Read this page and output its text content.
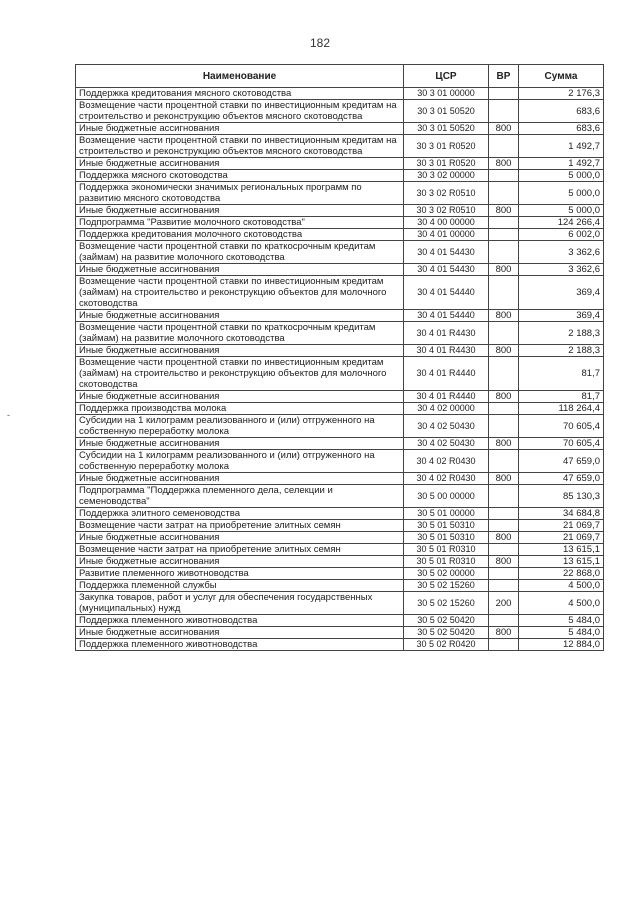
182
-
Наименование	ЦСР	ВР	Сумма
Поддержка кредитования мясного скотоводства	30 3 01 00000		2 176,3
Возмещение части процентной ставки по инвестиционным кредитам на строительство и реконструкцию объектов мясного скотоводства	30 3 01 50520		683,6
Иные бюджетные ассигнования	30 3 01 50520	800	683,6
Возмещение части процентной ставки по инвестиционным кредитам на строительство и реконструкцию объектов мясного скотоводства	30 3 01 R0520		1 492,7
Иные бюджетные ассигнования	30 3 01 R0520	800	1 492,7
Поддержка мясного скотоводства	30 3 02 00000		5 000,0
Поддержка экономически значимых региональных программ по развитию мясного скотоводства	30 3 02 R0510		5 000,0
Иные бюджетные ассигнования	30 3 02 R0510	800	5 000,0
Подпрограмма "Развитие молочного скотоводства"	30 4 00 00000		124 266,4
Поддержка кредитования молочного скотоводства	30 4 01 00000		6 002,0
Возмещение части процентной ставки по краткосрочным кредитам (займам) на развитие молочного скотоводства	30 4 01 54430		3 362,6
Иные бюджетные ассигнования	30 4 01 54430	800	3 362,6
Возмещение части процентной ставки по инвестиционным кредитам (займам) на строительство и реконструкцию объектов для молочного скотоводства	30 4 01 54440		369,4
Иные бюджетные ассигнования	30 4 01 54440	800	369,4
Возмещение части процентной ставки по краткосрочным кредитам (займам) на развитие молочного скотоводства	30 4 01 R4430		2 188,3
Иные бюджетные ассигнования	30 4 01 R4430	800	2 188,3
Возмещение части процентной ставки по инвестиционным кредитам (займам) на строительство и реконструкцию объектов для молочного скотоводства	30 4 01 R4440		81,7
Иные бюджетные ассигнования	30 4 01 R4440	800	81,7
Поддержка производства молока	30 4 02 00000		118 264,4
Субсидии на 1 килограмм реализованного и (или) отгруженного на собственную переработку молока	30 4 02 50430		70 605,4
Иные бюджетные ассигнования	30 4 02 50430	800	70 605,4
Субсидии на 1 килограмм реализованного и (или) отгруженного на собственную переработку молока	30 4 02 R0430		47 659,0
Иные бюджетные ассигнования	30 4 02 R0430	800	47 659,0
Подпрограмма "Поддержка племенного дела, селекции и семеноводства"	30 5 00 00000		85 130,3
Поддержка элитного семеноводства	30 5 01 00000		34 684,8
Возмещение части затрат на приобретение элитных семян	30 5 01 50310		21 069,7
Иные бюджетные ассигнования	30 5 01 50310	800	21 069,7
Возмещение части затрат на приобретение элитных семян	30 5 01 R0310		13 615,1
Иные бюджетные ассигнования	30 5 01 R0310	800	13 615,1
Развитие племенного животноводства	30 5 02 00000		22 868,0
Поддержка племенной службы	30 5 02 15260		4 500,0
Закупка товаров, работ и услуг для обеспечения государственных (муниципальных) нужд	30 5 02 15260	200	4 500,0
Поддержка племенного животноводства	30 5 02 50420		5 484,0
Иные бюджетные ассигнования	30 5 02 50420	800	5 484,0
Поддержка племенного животноводства	30 5 02 R0420		12 884,0
